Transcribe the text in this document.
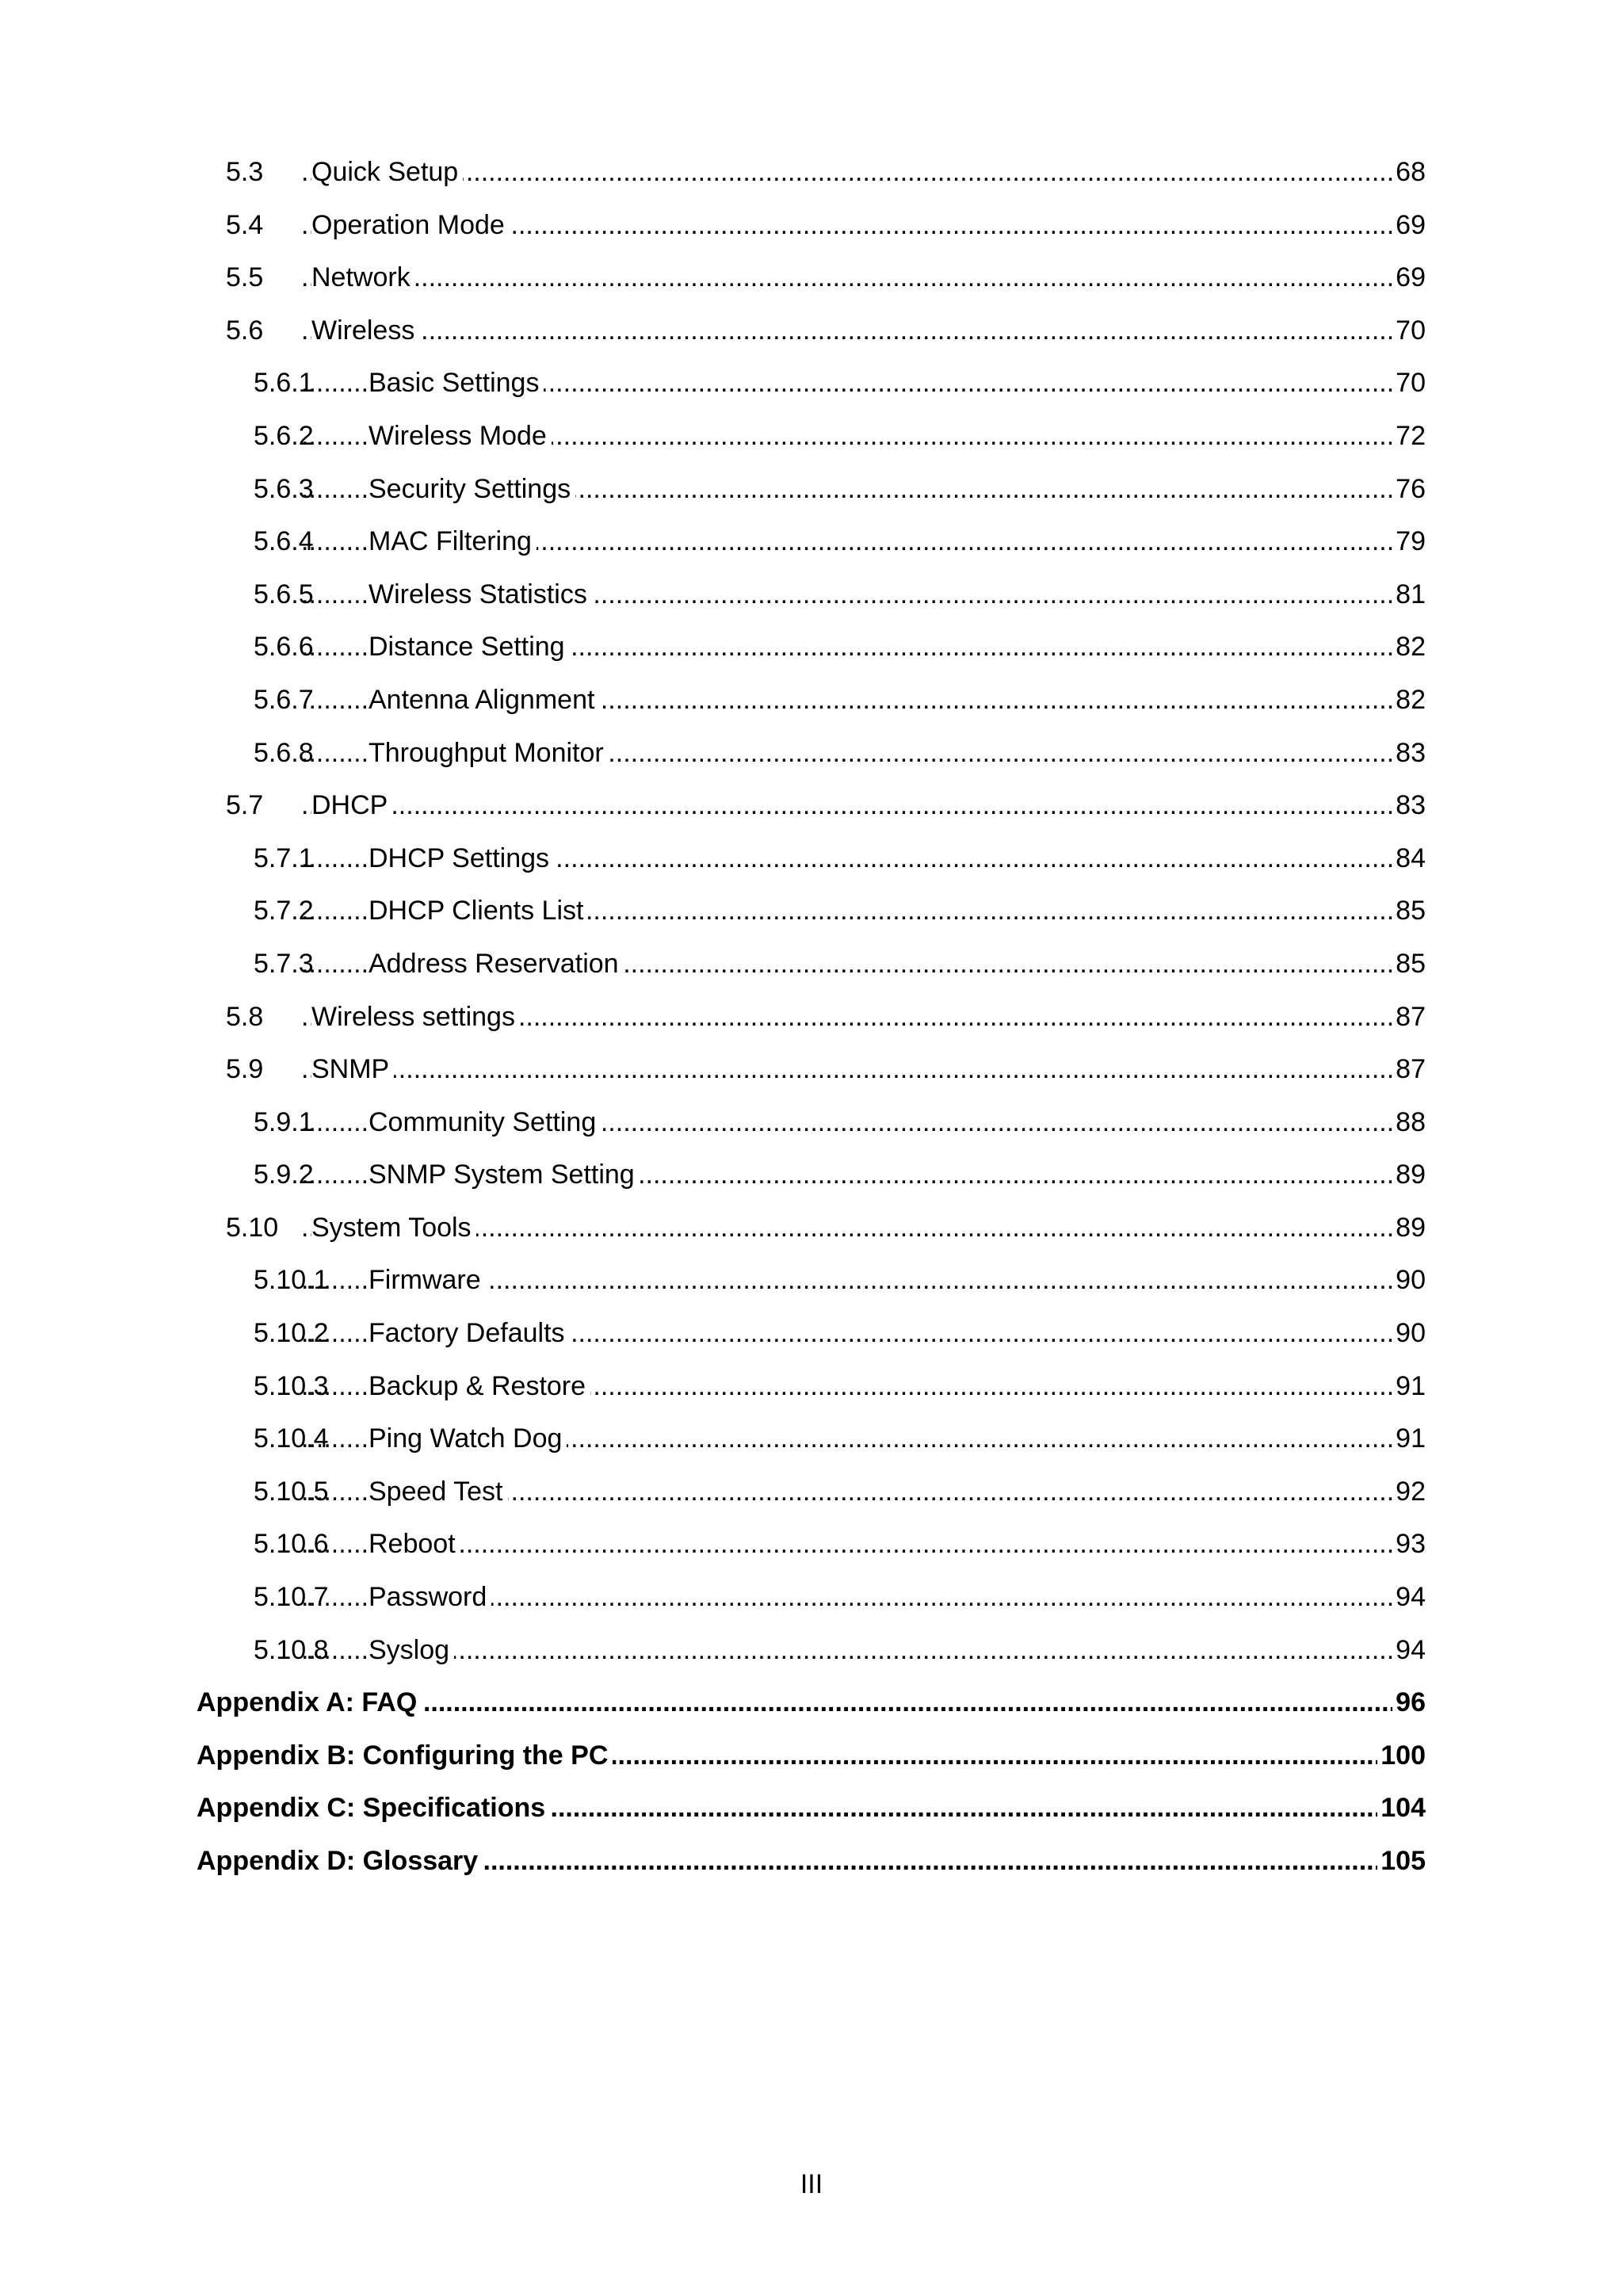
5.3 ..... Quick Setup	68
5.4 ..... Operation Mode	69
5.5 ..... Network	69
5.6 ..... Wireless	70
5.6.1 ..... Basic Settings	70
5.6.2 ..... Wireless Mode	72
5.6.3 ..... Security Settings	76
5.6.4 ..... MAC Filtering	79
5.6.5 ..... Wireless Statistics	81
5.6.6 ..... Distance Setting	82
5.6.7 ..... Antenna Alignment	82
5.6.8 ..... Throughput Monitor	83
5.7 ..... DHCP	83
5.7.1 ..... DHCP Settings	84
5.7.2 ..... DHCP Clients List	85
5.7.3 ..... Address Reservation	85
5.8 ..... Wireless settings	87
5.9 ..... SNMP	87
5.9.1 ..... Community Setting	88
5.9.2 ..... SNMP System Setting	89
5.10 ..... System Tools	89
5.10.1 ..... Firmware	90
5.10.2 ..... Factory Defaults	90
5.10.3 ..... Backup & Restore	91
5.10.4 ..... Ping Watch Dog	91
5.10.5 ..... Speed Test	92
5.10.6 ..... Reboot	93
5.10.7 ..... Password	94
5.10.8 ..... Syslog	94
.....
Appendix A: FAQ	96
.....
Appendix B: Configuring the PC	100
.....
Appendix C: Specifications	104
.....
Appendix D: Glossary	105
III
